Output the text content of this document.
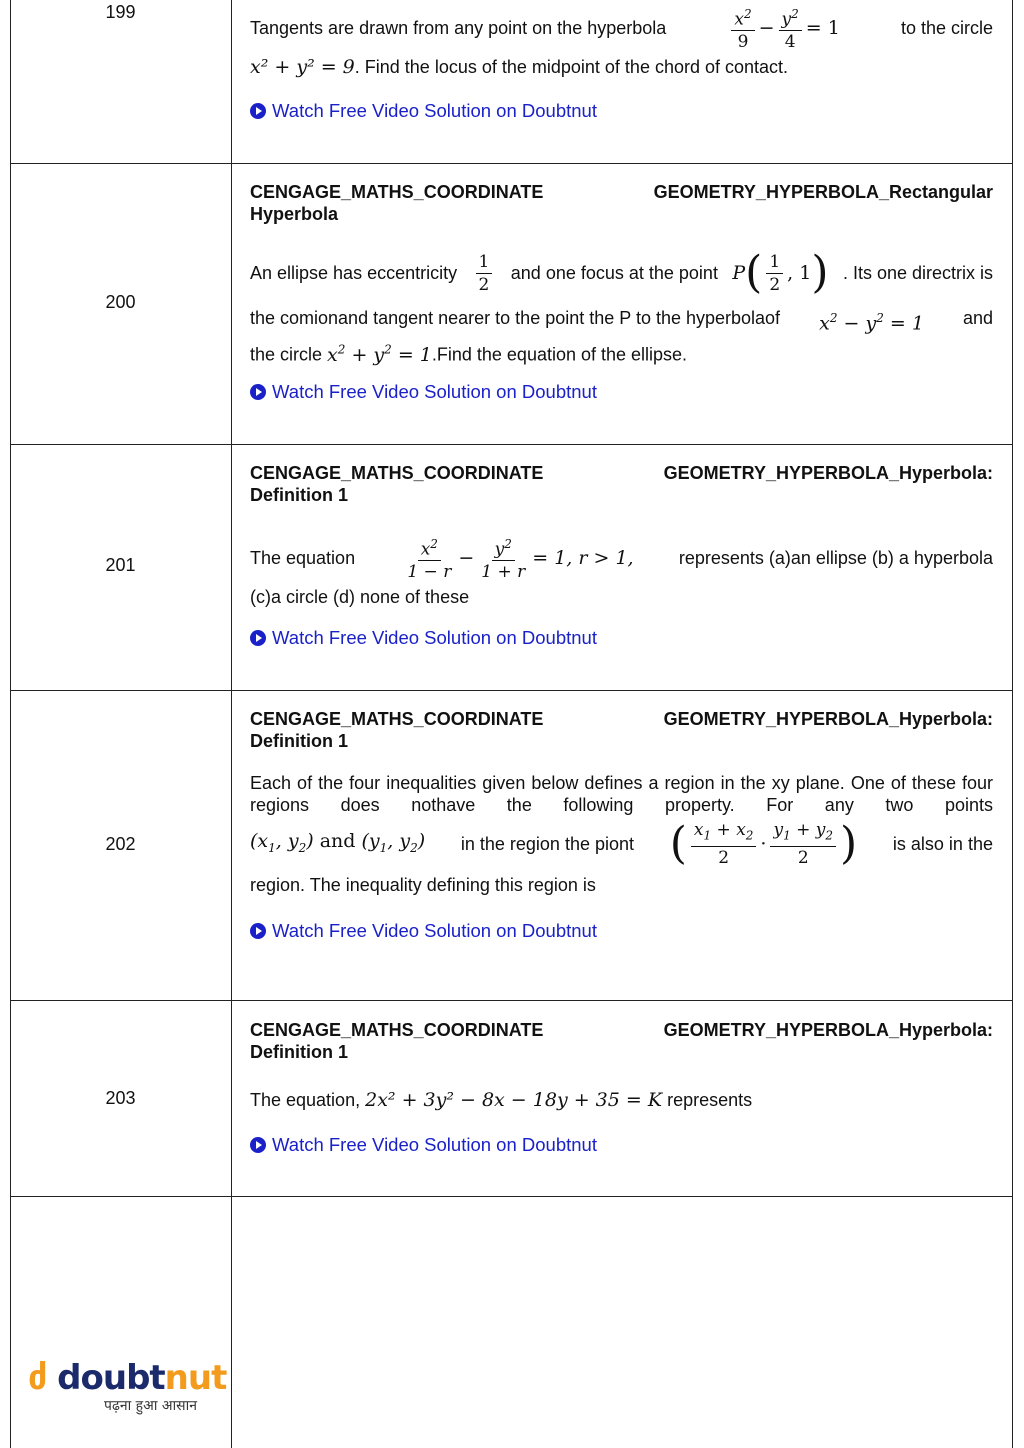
199
Tangents are drawn from any point on the hyperbola	$\frac{x^2}{9} - \frac{y^2}{4} = 1$	to the circle
x² + y² = 9. Find the locus of the midpoint of the chord of contact.
Watch Free Video Solution on Doubtnut
200
CENGAGE_MATHS_COORDINATE	GEOMETRY_HYPERBOLA_Rectangular
Hyperbola
An ellipse has eccentricity $\frac{1}{2}$ and one focus at the point P ( $\frac{1}{2}$ , 1 ) . Its one directrix is
the comionand tangent nearer to the point the P to the hyperbolaof $x^2 - y^2 = 1$ and
the circle $x^2 + y^2$ = 1.Find the equation of the ellipse.
Watch Free Video Solution on Doubtnut
201
CENGAGE_MATHS_COORDINATE	GEOMETRY_HYPERBOLA_Hyperbola:
Definition 1
The equation	$\frac{x^2}{1 - r} - \frac{y^2}{1 + r} = 1$, r > 1,	represents (a)an ellipse (b) a hyperbola
(c)a circle (d) none of these
Watch Free Video Solution on Doubtnut
202
CENGAGE_MATHS_COORDINATE	GEOMETRY_HYPERBOLA_Hyperbola:
Definition 1
Each of the four inequalities given below defines a region in the xy plane. One of these four regions does nothave the following property. For any two points
($x_1$, $y_2$) and ($y_1$, $y_2$) in the region the piont ( $\frac{x_1 + x_2}{2} \cdot \frac{y_1 + y_2}{2}$ ) is also in the
region. The inequality defining this region is
Watch Free Video Solution on Doubtnut
203
CENGAGE_MATHS_COORDINATE	GEOMETRY_HYPERBOLA_Hyperbola:
Definition 1
The equation, 2x² + 3y² − 8x − 18y + 35 = K represents
Watch Free Video Solution on Doubtnut
ძ doubtnut
पढ़ना हुआ आसान
